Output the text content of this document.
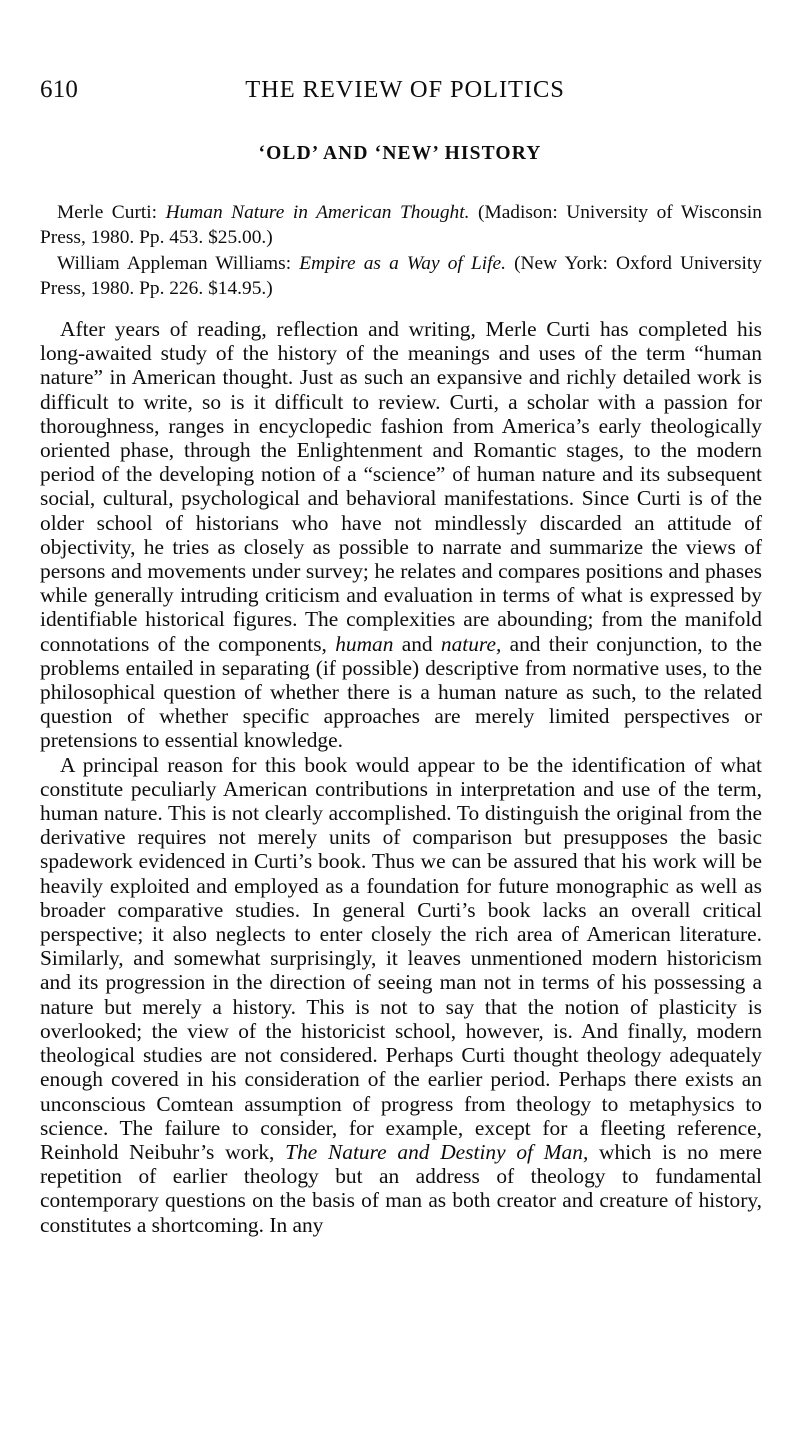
610	THE REVIEW OF POLITICS
‘OLD’ AND ‘NEW’ HISTORY

Merle Curti: Human Nature in American Thought. (Madison: University of Wisconsin Press, 1980. Pp. 453. $25.00.)

William Appleman Williams: Empire as a Way of Life. (New York: Oxford University Press, 1980. Pp. 226. $14.95.)

After years of reading, reflection and writing, Merle Curti has completed his long-awaited study of the history of the meanings and uses of the term “human nature” in American thought. Just as such an expansive and richly detailed work is difficult to write, so is it difficult to review. Curti, a scholar with a passion for thoroughness, ranges in encyclopedic fashion from America’s early theologically oriented phase, through the Enlightenment and Romantic stages, to the modern period of the developing notion of a “science” of human nature and its subsequent social, cultural, psychological and behavioral manifestations. Since Curti is of the older school of historians who have not mindlessly discarded an attitude of objectivity, he tries as closely as possible to narrate and summarize the views of persons and movements under survey; he relates and compares positions and phases while generally intruding criticism and evaluation in terms of what is expressed by identifiable historical figures. The complexities are abounding; from the manifold connotations of the components, human and nature, and their conjunction, to the problems entailed in separating (if possible) descriptive from normative uses, to the philosophical question of whether there is a human nature as such, to the related question of whether specific approaches are merely limited perspectives or pretensions to essential knowledge.

A principal reason for this book would appear to be the identification of what constitute peculiarly American contributions in interpretation and use of the term, human nature. This is not clearly accomplished. To distinguish the original from the derivative requires not merely units of comparison but presupposes the basic spadework evidenced in Curti’s book. Thus we can be assured that his work will be heavily exploited and employed as a foundation for future monographic as well as broader comparative studies. In general Curti’s book lacks an overall critical perspective; it also neglects to enter closely the rich area of American literature. Similarly, and somewhat surprisingly, it leaves unmentioned modern historicism and its progression in the direction of seeing man not in terms of his possessing a nature but merely a history. This is not to say that the notion of plasticity is overlooked; the view of the historicist school, however, is. And finally, modern theological studies are not considered. Perhaps Curti thought theology adequately enough covered in his consideration of the earlier period. Perhaps there exists an unconscious Comtean assumption of progress from theology to metaphysics to science. The failure to consider, for example, except for a fleeting reference, Reinhold Neibuhr’s work, The Nature and Destiny of Man, which is no mere repetition of earlier theology but an address of theology to fundamental contemporary questions on the basis of man as both creator and creature of history, constitutes a shortcoming. In any
